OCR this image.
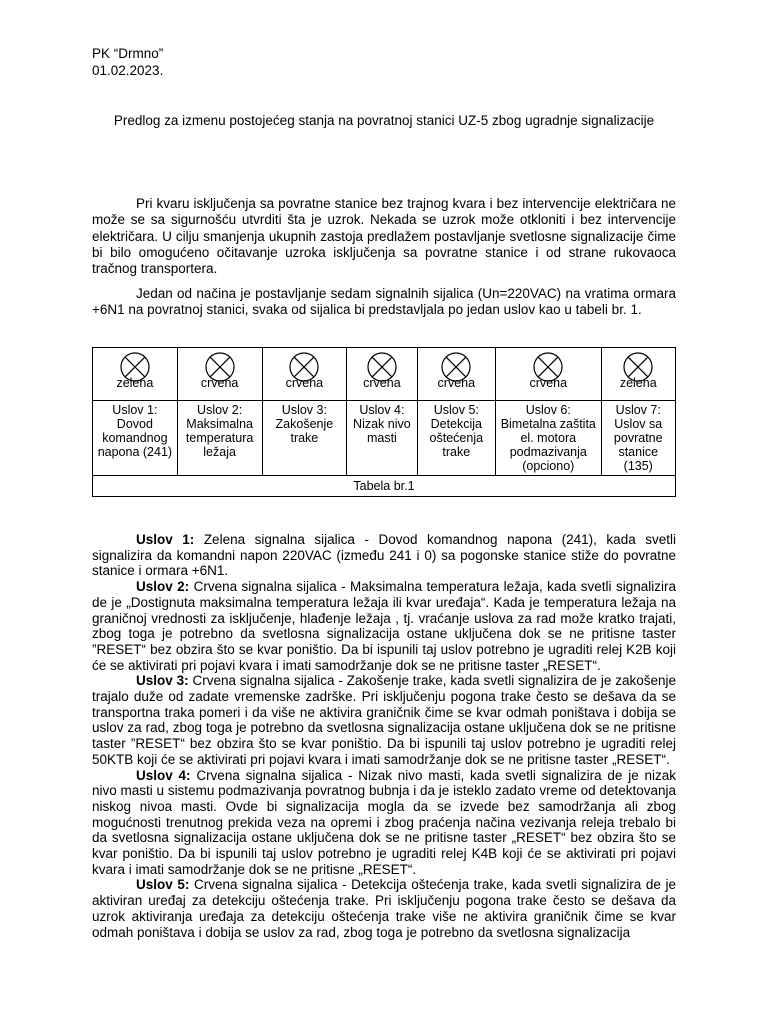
PK “Drmno”
01.02.2023.
Predlog za izmenu postojećeg stanja na povratnoj stanici UZ-5 zbog ugradnje signalizacije

Pri kvaru isključenja sa povratne stanice bez trajnog kvara i bez intervencije električara ne može se sa sigurnošću utvrditi šta je uzrok. Nekada se uzrok može otkloniti i bez intervencije električara. U cilju smanjenja ukupnih zastoja predlažem postavljanje svetlosne signalizacije čime bi bilo omogućeno očitavanje uzroka isključenja sa povratne stanice i od strane rukovaoca tračnog transportera.

Jedan od načina je postavljanje sedam signalnih sijalica (Un=220VAC) na vratima ormara +6N1 na povratnoj stanici, svaka od sijalica bi predstavljala po jedan uslov kao u tabeli br. 1.

zelena	crvena	crvena	crvena	crvena	crvena	zelena

Uslov 1: Dovod komandnog napona (241)	Uslov 2: Maksimalna temperatura ležaja	Uslov 3: Zakošenje trake	Uslov 4: Nizak nivo masti	Uslov 5: Detekcija oštećenja trake	Uslov 6: Bimetalna zaštita el. motora podmazivanja (opciono)	Uslov 7: Uslov sa povratne stanice (135)
Tabela br.1						

Uslov 1: Zelena signalna sijalica - Dovod komandnog napona (241), kada svetli signalizira da komandni napon 220VAC (između 241 i 0) sa pogonske stanice stiže do povratne stanice i ormara +6N1.

Uslov 2: Crvena signalna sijalica - Maksimalna temperatura ležaja, kada svetli signalizira de je „Dostignuta maksimalna temperatura ležaja ili kvar uređaja“. Kada je temperatura ležaja na graničnoj vrednosti za isključenje, hlađenje ležaja , tj. vraćanje uslova za rad može kratko trajati, zbog toga je potrebno da svetlosna signalizacija ostane uključena dok se ne pritisne taster ”RESET“ bez obzira što se kvar poništio. Da bi ispunili taj uslov potrebno je ugraditi relej K2B koji će se aktivirati pri pojavi kvara i imati samodržanje dok se ne pritisne taster „RESET“.

Uslov 3: Crvena signalna sijalica - Zakošenje trake, kada svetli signalizira de je zakošenje trajalo duže od zadate vremenske zadrške. Pri isključenju pogona trake često se dešava da se transportna traka pomeri i da više ne aktivira graničnik čime se kvar odmah poništava i dobija se uslov za rad, zbog toga je potrebno da svetlosna signalizacija ostane uključena dok se ne pritisne taster ”RESET“ bez obzira što se kvar poništio. Da bi ispunili taj uslov potrebno je ugraditi relej 50KTB koji će se aktivirati pri pojavi kvara i imati samodržanje dok se ne pritisne taster „RESET“.

Uslov 4: Crvena signalna sijalica - Nizak nivo masti, kada svetli signalizira de je nizak nivo masti u sistemu podmazivanja povratnog bubnja i da je isteklo zadato vreme od detektovanja niskog nivoa masti. Ovde bi signalizacija mogla da se izvede bez samodržanja ali zbog mogućnosti trenutnog prekida veza na opremi i zbog praćenja načina vezivanja releja trebalo bi da svetlosna signalizacija ostane uključena dok se ne pritisne taster „RESET“ bez obzira što se kvar poništio. Da bi ispunili taj uslov potrebno je ugraditi relej K4B koji će se aktivirati pri pojavi kvara i imati samodržanje dok se ne pritisne „RESET“.

Uslov 5: Crvena signalna sijalica - Detekcija oštećenja trake, kada svetli signalizira de je aktiviran uređaj za detekciju oštećenja trake. Pri isključenju pogona trake često se dešava da uzrok aktiviranja uređaja za detekciju oštećenja trake više ne aktivira graničnik čime se kvar odmah poništava i dobija se uslov za rad, zbog toga je potrebno da svetlosna signalizacija
